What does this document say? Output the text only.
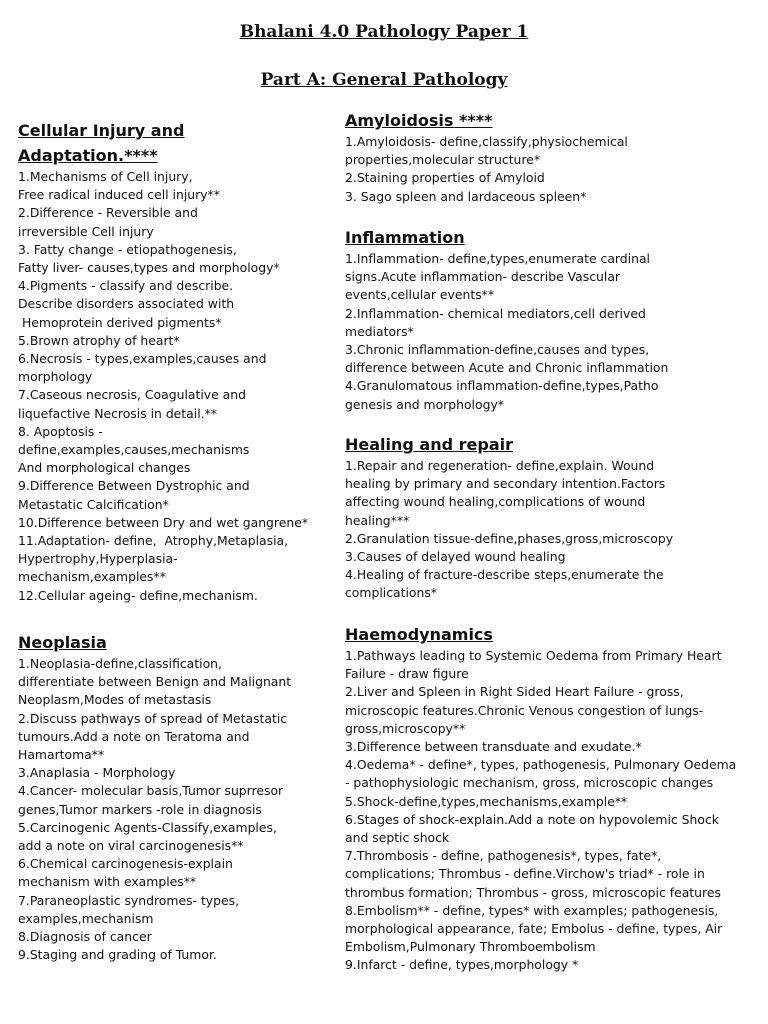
Bhalani 4.0 Pathology Paper 1
Part A: General Pathology
Cellular Injury and
Adaptation.****
1.Mechanisms of Cell injury,
Free radical induced cell injury**
2.Difference - Reversible and
irreversible Cell injury
3. Fatty change - etiopathogenesis,
Fatty liver- causes,types and morphology*
4.Pigments - classify and describe.
Describe disorders associated with
Hemoprotein derived pigments*
5.Brown atrophy of heart*
6.Necrosis - types,examples,causes and
morphology
7.Caseous necrosis, Coagulative and
liquefactive Necrosis in detail.**
8. Apoptosis -
define,examples,causes,mechanisms
And morphological changes
9.Difference Between Dystrophic and
Metastatic Calcification*
10.Difference between Dry and wet gangrene*
11.Adaptation- define,  Atrophy,Metaplasia,
Hypertrophy,Hyperplasia-
mechanism,examples**
12.Cellular ageing- define,mechanism.
Neoplasia
1.Neoplasia-define,classification,
differentiate between Benign and Malignant
Neoplasm,Modes of metastasis
2.Discuss pathways of spread of Metastatic
tumours.Add a note on Teratoma and
Hamartoma**
3.Anaplasia - Morphology
4.Cancer- molecular basis,Tumor suprresor
genes,Tumor markers -role in diagnosis
5.Carcinogenic Agents-Classify,examples,
add a note on viral carcinogenesis**
6.Chemical carcinogenesis-explain
mechanism with examples**
7.Paraneoplastic syndromes- types,
examples,mechanism
8.Diagnosis of cancer
9.Staging and grading of Tumor.
Amyloidosis ****
1.Amyloidosis- define,classify,physiochemical
properties,molecular structure*
2.Staining properties of Amyloid
3. Sago spleen and lardaceous spleen*
Inflammation
1.Inflammation- define,types,enumerate cardinal
signs.Acute inflammation- describe Vascular
events,cellular events**
2.Inflammation- chemical mediators,cell derived
mediators*
3.Chronic inflammation-define,causes and types,
difference between Acute and Chronic inflammation
4.Granulomatous inflammation-define,types,Patho
genesis and morphology*
Healing and repair
1.Repair and regeneration- define,explain. Wound
healing by primary and secondary intention.Factors
affecting wound healing,complications of wound
healing***
2.Granulation tissue-define,phases,gross,microscopy
3.Causes of delayed wound healing
4.Healing of fracture-describe steps,enumerate the
complications*
Haemodynamics
1.Pathways leading to Systemic Oedema from Primary Heart
Failure - draw figure
2.Liver and Spleen in Right Sided Heart Failure - gross,
microscopic features.Chronic Venous congestion of lungs-
gross,microscopy**
3.Difference between transduate and exudate.*
4.Oedema* - define*, types, pathogenesis, Pulmonary Oedema
- pathophysiologic mechanism, gross, microscopic changes
5.Shock-define,types,mechanisms,example**
6.Stages of shock-explain.Add a note on hypovolemic Shock
and septic shock
7.Thrombosis - define, pathogenesis*, types, fate*,
complications; Thrombus - define.Virchow's triad* - role in
thrombus formation; Thrombus - gross, microscopic features
8.Embolism** - define, types* with examples; pathogenesis,
morphological appearance, fate; Embolus - define, types, Air
Embolism,Pulmonary Thromboembolism
9.Infarct - define, types,morphology *
